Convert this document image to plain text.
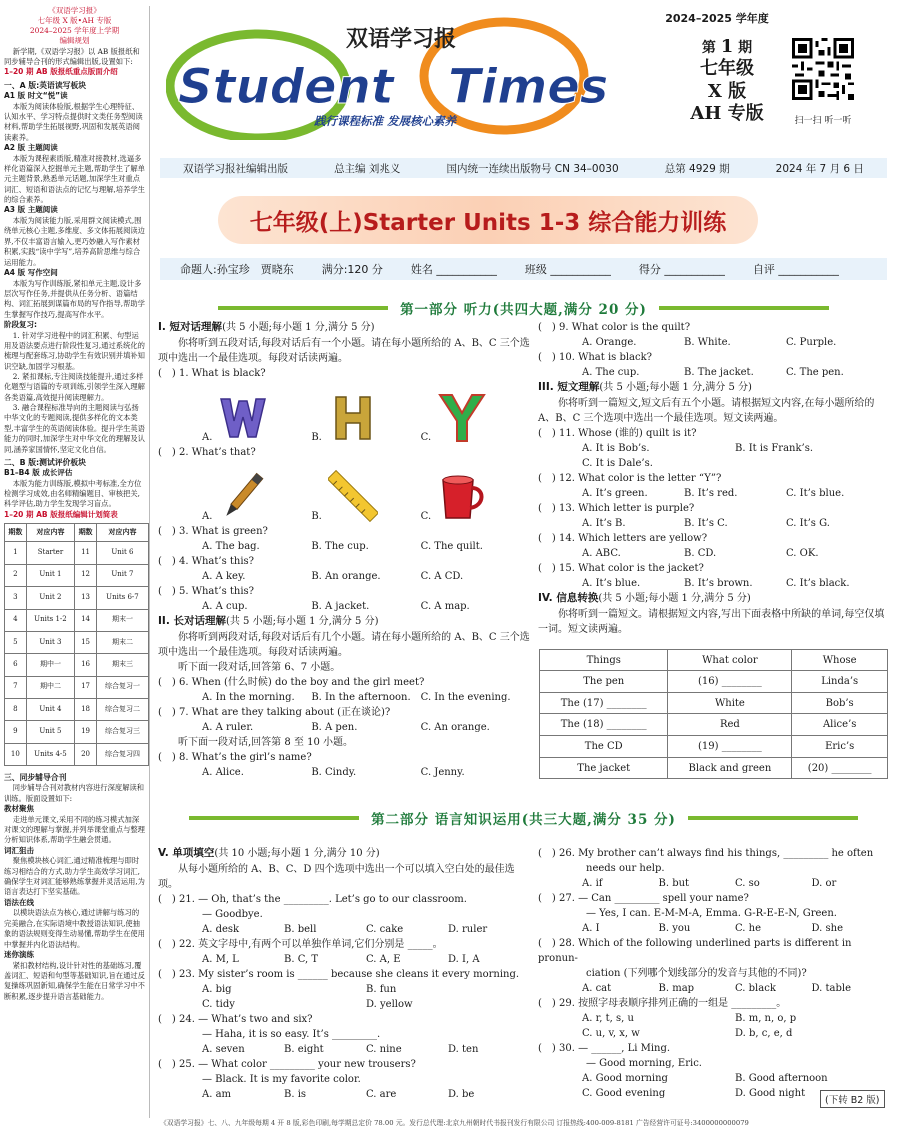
《双语学习报》
七年级 X 版•AH 专版
2024–2025 学年度上学期
编辑规划

新学期,《双语学习报》以 AB 版报纸和同步辅导合刊的形式编辑出版,设置如下:

1–20 期 AB 版报纸重点版面介绍
一、A 版:英语读写板块
A1 版 时文“悦”读

本版为阅读体验版,根据学生心理特征、认知水平、学习特点提供时文类任务型阅读材料,帮助学生拓展视野,巩固和发展英语阅读素养。

A2 版 主题阅读

本版为课程素质版,精准对接教材,选逼多样化语篇深入挖掘单元主题,帮助学生了解单元主题背景,熟悉单元话题,加深学生对重点词汇、短语和语法点的记忆与理解,培养学生的综合素养。

A3 版 主题阅读

本版为阅读能力版,采用群文阅读模式,围绕单元核心主题,多维度、多文体拓展阅读边界,不仅丰富语言输入,更巧妙融入写作素材积累,实践“读中学写”,培养高阶思维与综合运用能力。

A4 版 写作空间

本版为写作训练版,紧扣单元主题,设计多层次写作任务,并提供从任务分析、语篇结构、词汇拓展到谋篇布局的写作指导,帮助学生掌握写作技巧,提高写作水平。

阶段复习:

1. 针对学习进程中的词汇积累、句型运用及语法要点进行阶段性复习,通过系统化的梳理与配套练习,协助学生有效识别并填补知识空缺,加固学习根基。

2. 紧扣课标,专注阅读技能提升,通过多样化题型与语篇的专项训练,引领学生深入理解各类语篇,高效提升阅读理解力。

3. 融合课程标准导向的主题阅读与弘扬中华文化的专题阅读,提供多样化的文本类型,丰富学生的英语阅读体验。提升学生英语能力的同时,加深学生对中华文化的理解及认同,涵养家国情怀,坚定文化自信。

二、B 版:测试评价板块
B1–B4 版 成长评估

本版为能力训练版,模拟中考标准,全方位检测学习成效,由名师精编题目、审核把关,科学评估,助力学生发现学习盲点。

1–20 期 AB 版报纸编辑计划简表
期数	对应内容	期数	对应内容
1	Starter	11	Unit 6
2	Unit 1	12	Unit 7
3	Unit 2	13	Units 6-7
4	Units 1-2	14	期末一
5	Unit 3	15	期末二
6	期中一	16	期末三
7	期中二	17	综合复习一
8	Unit 4	18	综合复习二
9	Unit 5	19	综合复习三
10	Units 4-5	20	综合复习四
三、同步辅导合刊

同步辅导合刊对教材内容进行深度解读和训练。版面设置如下:

教材聚焦

走进单元课文,采用不同的练习模式加深对课文的理解与掌握,并列举课堂重点与整理分析知识体系,帮助学生融会贯通。

词汇狙击

聚焦模块核心词汇,通过精准梳理与即时练习相结合的方式,助力学生高效学习词汇,确保学生对词汇能够熟练掌握并灵活运用,为语言表达打下坚实基础。

语法在线

以模块语法点为核心,通过讲解与练习的完美融合,在实际语境中教授语法知识,使抽象的语法规则变得生动易懂,帮助学生在使用中掌握并内化语法结构。

迷你演练

紧扣教材结构,设计针对性的基础练习,覆盖词汇、短语和句型等基础知识,旨在通过反复操练巩固新知,确保学生能在日常学习中不断积累,逐步提升语言基础能力。

双语学习报
Student Times
践行课程标准 发展核心素养
2024–2025 学年度
第 1 期
七年级
X 版
AH 专版	扫一扫 听一听
双语学习报社编辑出版	总主编 刘兆义	国内统一连续出版物号 CN 34–0030	总第 4929 期	2024 年 7 月 6 日
七年级(上)Starter Units 1-3 综合能力训练
命题人:孙宝珍　贾晓东	满分:120 分	姓名 ___________	班级 ___________	得分 ___________	自评 ___________
第一部分 听力(共四大题,满分 20 分)
I. 短对话理解(共 5 小题;每小题 1 分,满分 5 分)
你将听到五段对话,每段对话后有一个小题。请在每小题所给的 A、B、C 三个选项中选出一个最佳选项。每段对话读两遍。
(　) 1. What is black?
A.	B.	C.
(　) 2. What’s that?
A.	B.	C.
(　) 3. What is green?
A. The bag.	B. The cup.	C. The quilt.
(　) 4. What’s this?
A. A key.	B. An orange.	C. A CD.
(　) 5. What’s this?
A. A cup.	B. A jacket.	C. A map.
II. 长对话理解(共 5 小题;每小题 1 分,满分 5 分)
你将听到两段对话,每段对话后有几个小题。请在每小题所给的 A、B、C 三个选项中选出一个最佳选项。每段对话读两遍。
听下面一段对话,回答第 6、7 小题。
(　) 6. When (什么时候) do the boy and the girl meet?
A. In the morning.	B. In the afternoon.	C. In the evening.
(　) 7. What are they talking about (正在谈论)?
A. A ruler.	B. A pen.	C. An orange.
听下面一段对话,回答第 8 至 10 小题。
(　) 8. What’s the girl’s name?
A. Alice.	B. Cindy.	C. Jenny.
(　) 9. What color is the quilt?
A. Orange.	B. White.	C. Purple.
(　) 10. What is black?
A. The cup.	B. The jacket.	C. The pen.
III. 短文理解(共 5 小题;每小题 1 分,满分 5 分)
你将听到一篇短文,短文后有五个小题。请根据短文内容,在每小题所给的 A、B、C 三个选项中选出一个最佳选项。短文读两遍。
(　) 11. Whose (谁的) quilt is it?
A. It is Bob’s.	B. It is Frank’s.
C. It is Dale’s.
(　) 12. What color is the letter “Y”?
A. It’s green.	B. It’s red.	C. It’s blue.
(　) 13. Which letter is purple?
A. It’s B.	B. It’s C.	C. It’s G.
(　) 14. Which letters are yellow?
A. ABC.	B. CD.	C. OK.
(　) 15. What color is the jacket?
A. It’s blue.	B. It’s brown.	C. It’s black.
IV. 信息转换(共 5 小题;每小题 1 分,满分 5 分)
你将听到一篇短文。请根据短文内容,写出下面表格中所缺的单词,每空仅填一词。短文读两遍。
Things	What color	Whose
The pen	(16) ________	Linda’s
The (17) ________	White	Bob’s
The (18) ________	Red	Alice’s
The CD	(19) ________	Eric’s
The jacket	Black and green	(20) ________
第二部分 语言知识运用(共三大题,满分 35 分)
V. 单项填空(共 10 小题;每小题 1 分,满分 10 分)
从每小题所给的 A、B、C、D 四个选项中选出一个可以填入空白处的最佳选项。
(　) 21. — Oh, that’s the _________. Let’s go to our classroom.
— Goodbye.
A. desk	B. bell	C. cake	D. ruler
(　) 22. 英文字母中,有两个可以单独作单词,它们分别是 _____。
A. M, L	B. C, T	C. A, E	D. I, A
(　) 23. My sister’s room is ______ because she cleans it every morning.
A. big	B. fun
C. tidy	D. yellow
(　) 24. — What’s two and six?
— Haha, it is so easy. It’s _________.
A. seven	B. eight	C. nine	D. ten
(　) 25. — What color _________ your new trousers?
— Black. It is my favorite color.
A. am	B. is	C. are	D. be
(　) 26. My brother can’t always find his things, _________ he often
needs our help.
A. if	B. but	C. so	D. or
(　) 27. — Can _________ spell your name?
— Yes, I can. E-M-M-A, Emma. G-R-E-E-N, Green.
A. I	B. you	C. he	D. she
(　) 28. Which of the following underlined parts is different in pronun-
ciation (下列哪个划线部分的发音与其他的不同)?
A. cat	B. map	C. black	D. table
(　) 29. 按照字母表顺序排列正确的一组是 _________。
A. r, t, s, u	B. m, n, o, p
C. u, v, x, w	D. b, c, e, d
(　) 30. — ______, Li Ming.
— Good morning, Eric.
A. Good morning	B. Good afternoon
C. Good evening	D. Good night
(下转 B2 版)
《双语学习报》七、八、九年级每期 4 开 8 版,彩色印刷,每学期总定价 78.00 元。发行总代理:北京九州朝时代书报刊发行有限公司 订报热线:400-009-8181 广告经营许可证号:3400000000079
